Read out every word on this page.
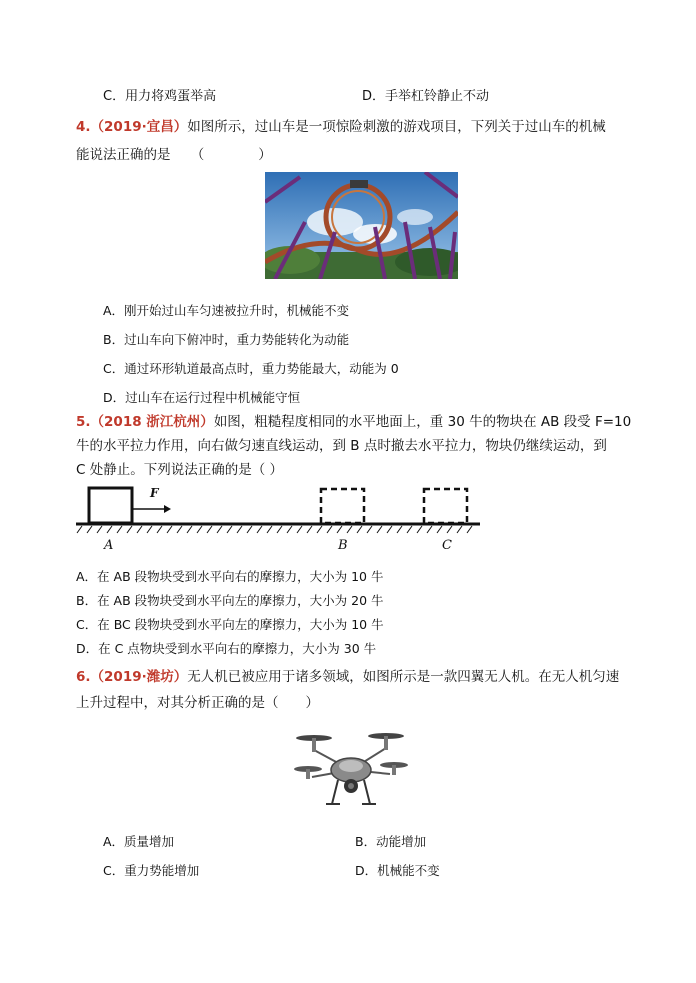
C．用力将鸡蛋举高	D．手举杠铃静止不动
4.（2019·宜昌）如图所示，过山车是一项惊险刺激的游戏项目，下列关于过山车的机械
能说法正确的是　　（　　　　）
A．刚开始过山车匀速被拉升时，机械能不变
B．过山车向下俯冲时，重力势能转化为动能
C．通过环形轨道最高点时，重力势能最大，动能为 0
D．过山车在运行过程中机械能守恒
5.（2018 浙江杭州）如图，粗糙程度相同的水平地面上，重 30 牛的物块在 AB 段受 F=10
牛的水平拉力作用，向右做匀速直线运动，到 B 点时撤去水平拉力，物块仍继续运动，到
C 处静止。下列说法正确的是（ ）
F
A	B	C
A．在 AB 段物块受到水平向右的摩擦力，大小为 10 牛
B．在 AB 段物块受到水平向左的摩擦力，大小为 20 牛
C．在 BC 段物块受到水平向左的摩擦力，大小为 10 牛
D．在 C 点物块受到水平向右的摩擦力，大小为 30 牛
6.（2019·潍坊）无人机已被应用于诸多领域，如图所示是一款四翼无人机。在无人机匀速
上升过程中，对其分析正确的是（　　）
A．质量增加	B．动能增加
C．重力势能增加	D．机械能不变
